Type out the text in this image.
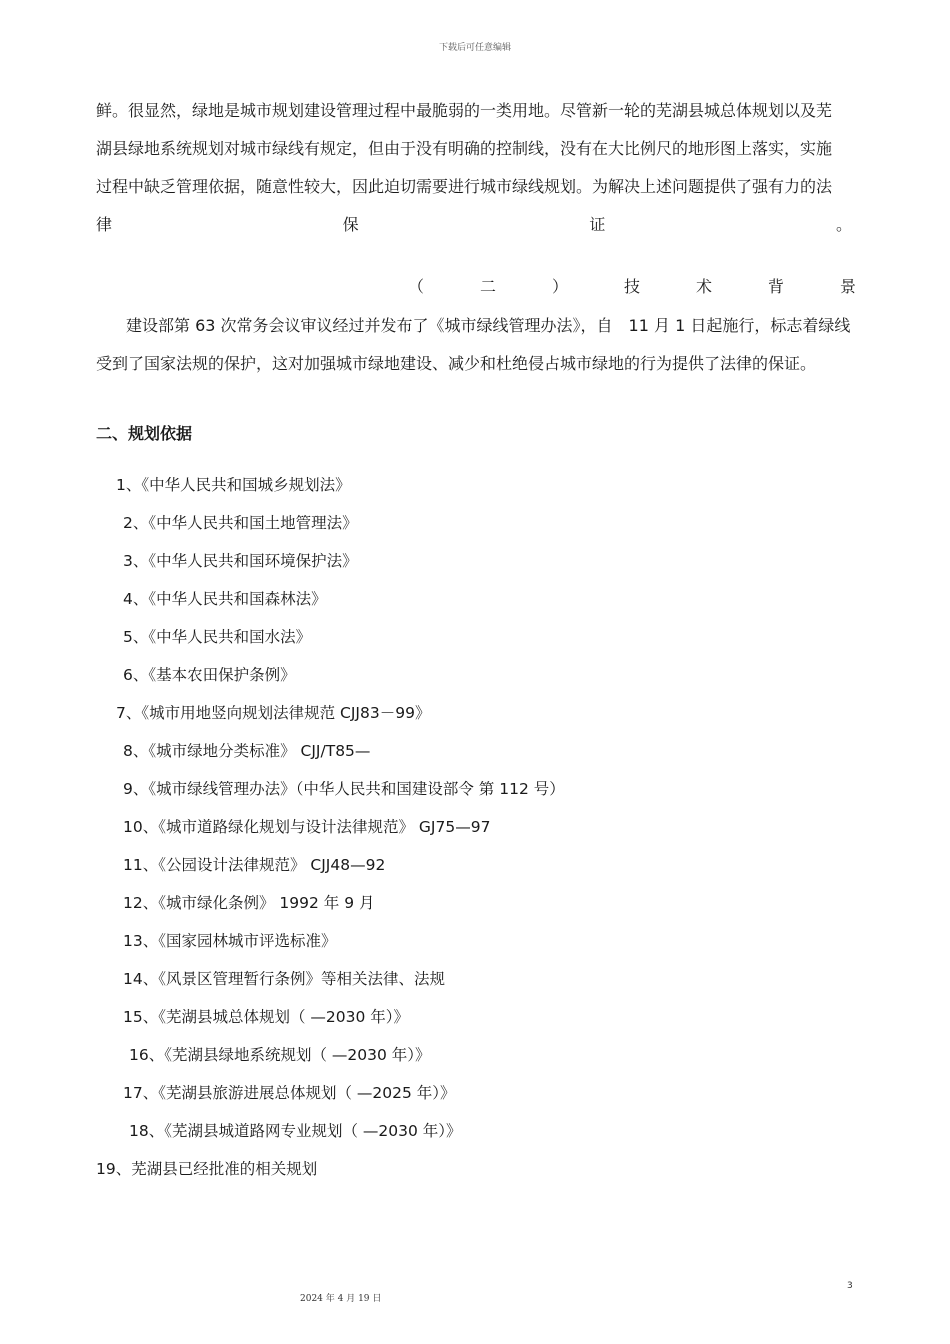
下载后可任意编辑
鲜。很显然，绿地是城市规划建设管理过程中最脆弱的一类用地。尽管新一轮的芜湖县城总体规划以及芜
湖县绿地系统规划对城市绿线有规定，但由于没有明确的控制线，没有在大比例尺的地形图上落实，实施
过程中缺乏管理依据，随意性较大，因此迫切需要进行城市绿线规划。为解决上述问题提供了强有力的法
律	保	证	。
（	二	）	技	术	背	景
建设部第 63 次常务会议审议经过并发布了《城市绿线管理办法》，自　11 月 1 日起施行，标志着绿线
受到了国家法规的保护，这对加强城市绿地建设、减少和杜绝侵占城市绿地的行为提供了法律的保证。
二、规划依据
1、《中华人民共和国城乡规划法》
2、《中华人民共和国土地管理法》
3、《中华人民共和国环境保护法》
4、《中华人民共和国森林法》
5、《中华人民共和国水法》
6、《基本农田保护条例》
7、《城市用地竖向规划法律规范 CJJ83－99》
8、《城市绿地分类标准》 CJJ/T85—
9、《城市绿线管理办法》（中华人民共和国建设部令 第 112 号）
10、《城市道路绿化规划与设计法律规范》 GJ75—97
11、《公园设计法律规范》 CJJ48—92
12、《城市绿化条例》 1992 年 9 月
13、《国家园林城市评选标准》
14、《风景区管理暂行条例》等相关法律、法规
15、《芜湖县城总体规划（ —2030 年）》
16、《芜湖县绿地系统规划（ —2030 年）》
17、《芜湖县旅游进展总体规划（ —2025 年）》
18、《芜湖县城道路网专业规划（ —2030 年）》
19、芜湖县已经批准的相关规划
3
2024 年 4 月 19 日
